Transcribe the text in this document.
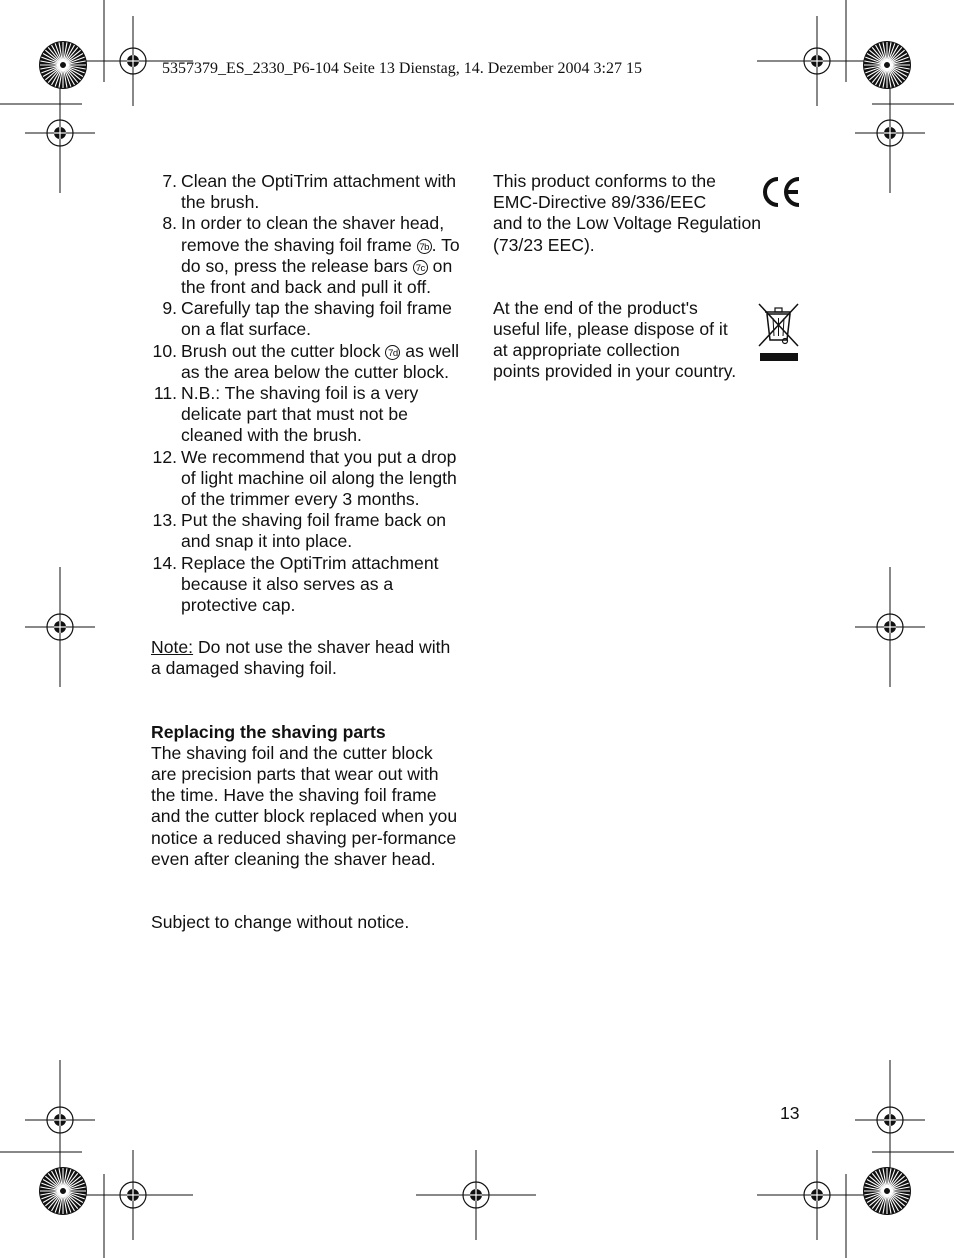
5357379_ES_2330_P6-104 Seite 13 Dienstag, 14. Dezember 2004 3:27 15
7. Clean the OptiTrim attachment with the brush.
8. In order to clean the shaver head, remove the shaving foil frame 7b . To do so, press the release bars 7c on the front and back and pull it off.
9. Carefully tap the shaving foil frame on a flat surface.
10. Brush out the cutter block 7d as well as the area below the cutter block.
11. N.B.: The shaving foil is a very delicate part that must not be cleaned with the brush.
12. We recommend that you put a drop of light machine oil along the length of the trimmer every 3 months.
13. Put the shaving foil frame back on and snap it into place.
14. Replace the OptiTrim attachment because it also serves as a protective cap.
Note: Do not use the shaver head with a damaged shaving foil.
Replacing the shaving parts
The shaving foil and the cutter block are precision parts that wear out with the time. Have the shaving foil frame and the cutter block replaced when you notice a reduced shaving per-formance even after cleaning the shaver head.
Subject to change without notice.
This product conforms to the EMC-Directive 89/336/EEC
and to the Low Voltage Regulation (73/23 EEC).
At the end of the product's useful life, please dispose of it at appropriate collection
points provided in your country.
13
